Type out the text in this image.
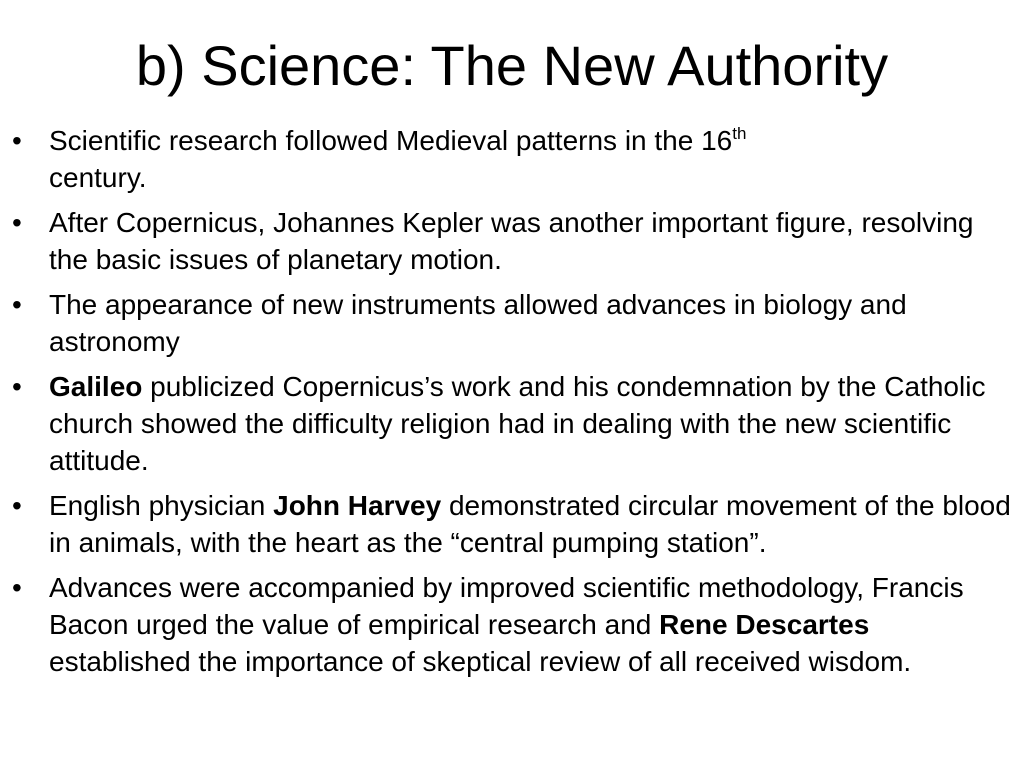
b) Science: The New Authority
• Scientific research followed Medieval patterns in the 16th
century.
• After Copernicus, Johannes Kepler was another important figure, resolving the basic issues of planetary motion.
• The appearance of new instruments allowed advances in biology and astronomy
• Galileo publicized Copernicus’s work and his condemnation by the Catholic church showed the difficulty religion had in dealing with the new scientific attitude.
• English physician John Harvey demonstrated circular movement of the blood in animals, with the heart as the “central pumping station”.
• Advances were accompanied by improved scientific methodology, Francis Bacon urged the value of empirical research and Rene Descartes established the importance of skeptical review of all received wisdom.
